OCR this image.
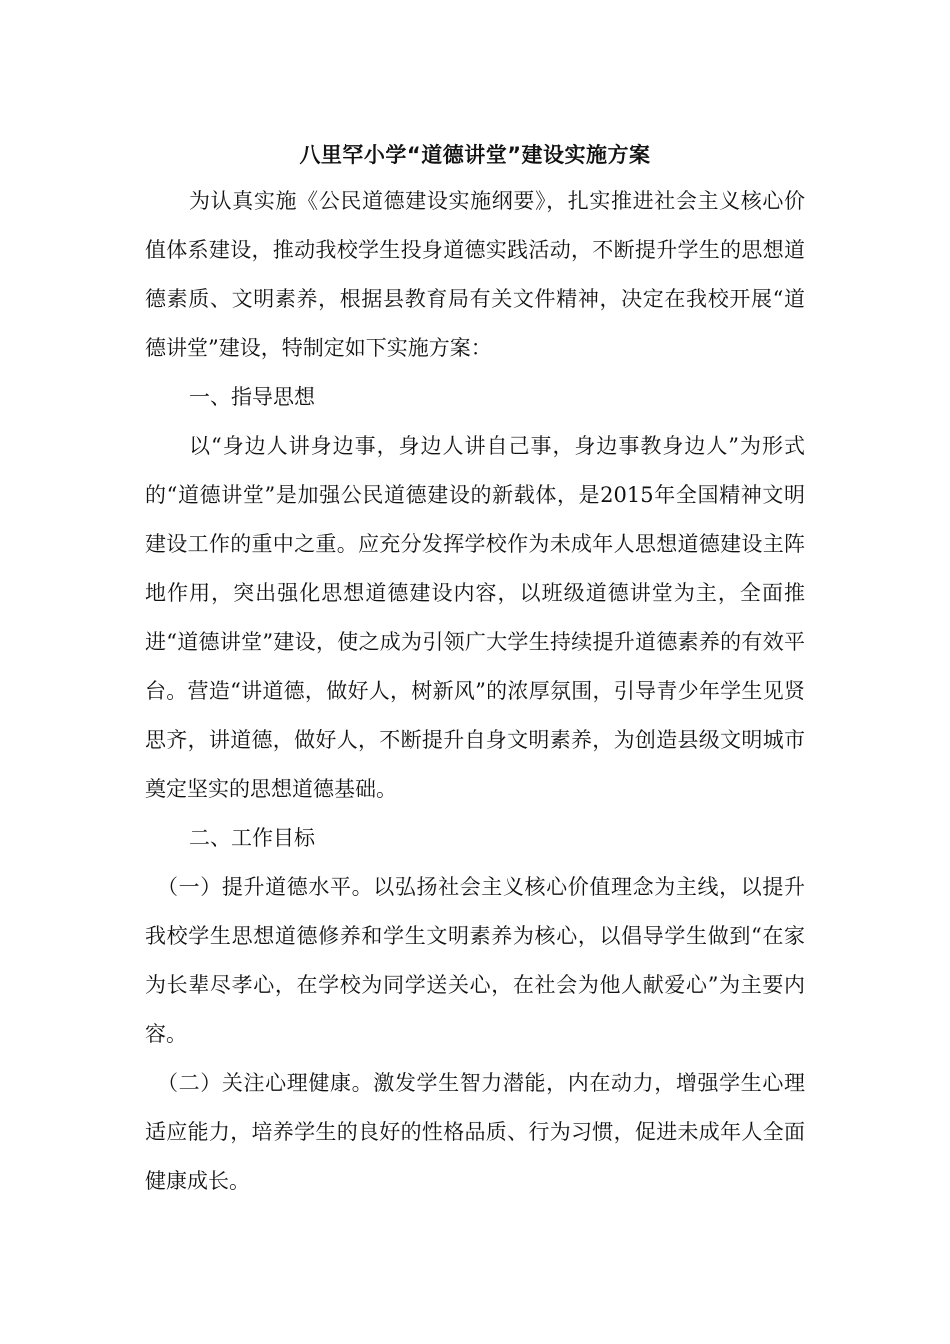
八里罕小学“道德讲堂”建设实施方案

为认真实施《公民道德建设实施纲要》，扎实推进社会主义核心价值体系建设，推动我校学生投身道德实践活动，不断提升学生的思想道德素质、文明素养，根据县教育局有关文件精神，决定在我校开展“道德讲堂”建设，特制定如下实施方案：

一、指导思想

以“身边人讲身边事，身边人讲自己事，身边事教身边人”为形式的“道德讲堂”是加强公民道德建设的新载体，是2015年全国精神文明建设工作的重中之重。应充分发挥学校作为未成年人思想道德建设主阵地作用，突出强化思想道德建设内容，以班级道德讲堂为主，全面推进“道德讲堂”建设，使之成为引领广大学生持续提升道德素养的有效平台。营造“讲道德，做好人，树新风”的浓厚氛围，引导青少年学生见贤思齐，讲道德，做好人，不断提升自身文明素养，为创造县级文明城市奠定坚实的思想道德基础。

二、工作目标

（一）提升道德水平。以弘扬社会主义核心价值理念为主线，以提升我校学生思想道德修养和学生文明素养为核心，以倡导学生做到“在家为长辈尽孝心，在学校为同学送关心，在社会为他人献爱心”为主要内容。

（二）关注心理健康。激发学生智力潜能，内在动力，增强学生心理适应能力，培养学生的良好的性格品质、行为习惯，促进未成年人全面健康成长。
